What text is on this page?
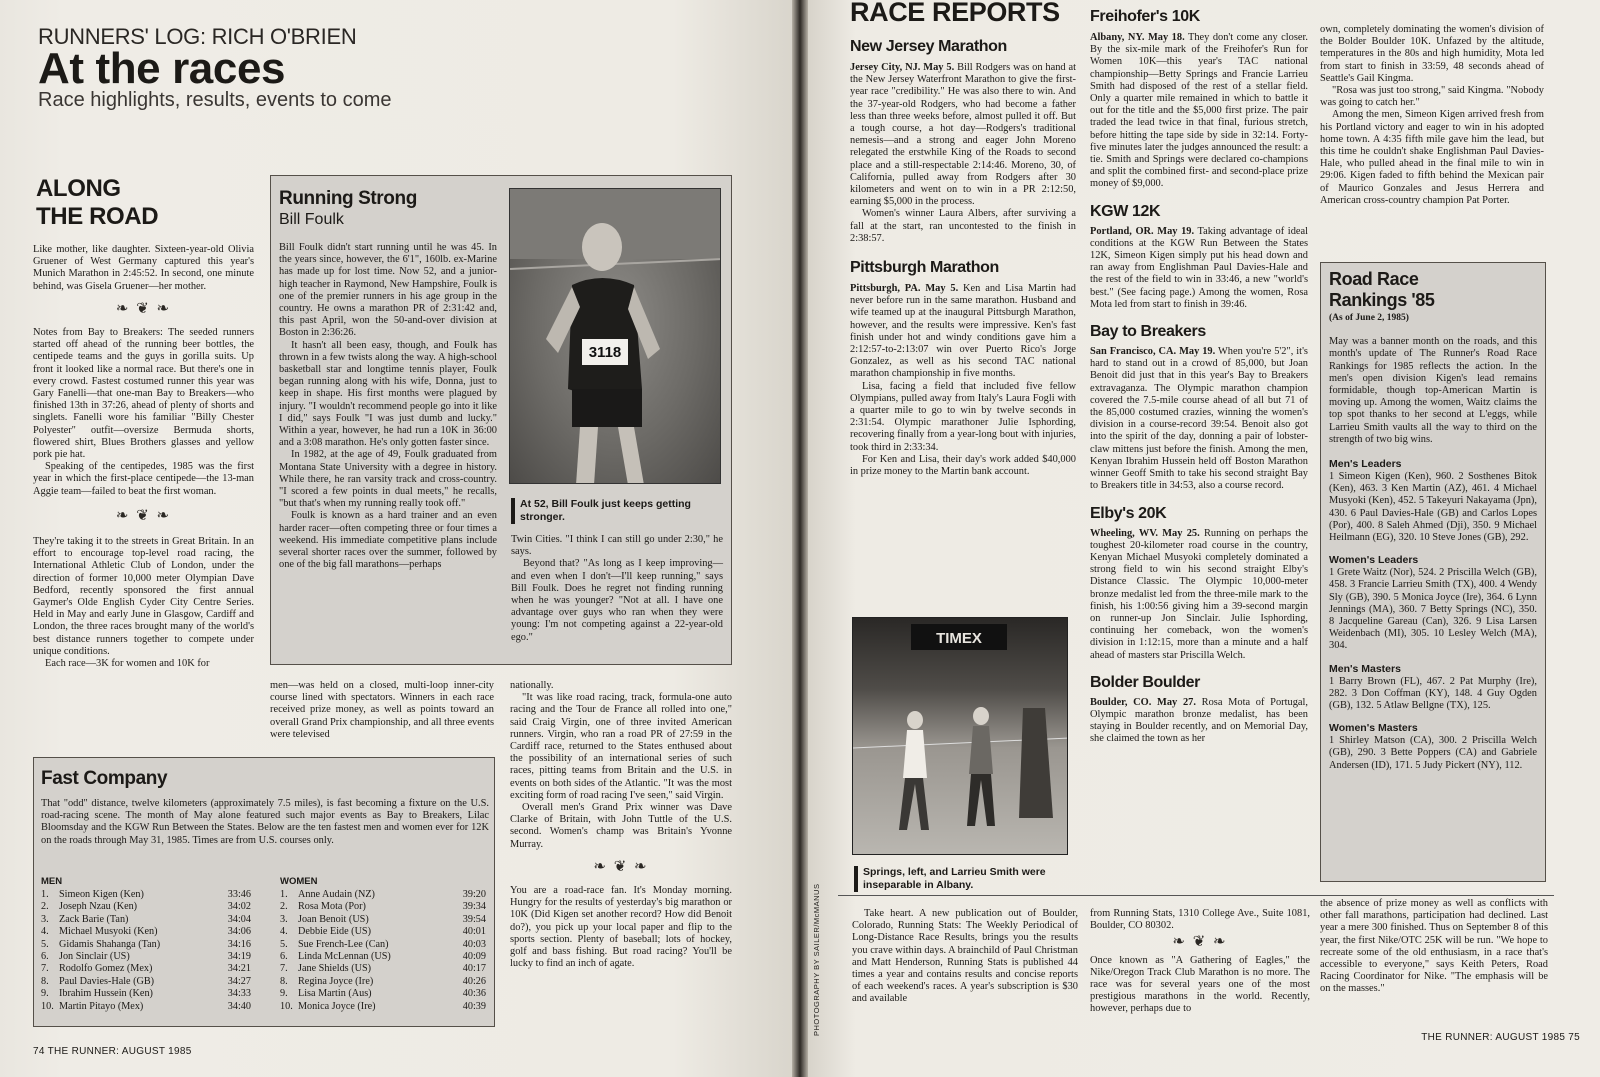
RUNNERS' LOG: RICH O'BRIEN
At the races
Race highlights, results, events to come
ALONG
THE ROAD

Like mother, like daughter. Sixteen-year-old Olivia Gruener of West Germany captured this year's Munich Marathon in 2:45:52. In second, one minute behind, was Gisela Gruener—her mother.

❧ ❦ ❧

Notes from Bay to Breakers: The seeded runners started off ahead of the running beer bottles, the centipede teams and the guys in gorilla suits. Up front it looked like a normal race. But there's one in every crowd. Fastest costumed runner this year was Gary Fanelli—that one-man Bay to Breakers—who finished 13th in 37:26, ahead of plenty of shorts and singlets. Fanelli wore his familiar "Billy Chester Polyester" outfit—oversize Bermuda shorts, flowered shirt, Blues Brothers glasses and yellow pork pie hat.

Speaking of the centipedes, 1985 was the first year in which the first-place centipede—the 13-man Aggie team—failed to beat the first woman.

❧ ❦ ❧

They're taking it to the streets in Great Britain. In an effort to encourage top-level road racing, the International Athletic Club of London, under the direction of former 10,000 meter Olympian Dave Bedford, recently sponsored the first annual Gaymer's Olde English Cyder City Centre Series. Held in May and early June in Glasgow, Cardiff and London, the three races brought many of the world's best distance runners together to compete under unique conditions.

Each race—3K for women and 10K for

Running Strong
Bill Foulk

Bill Foulk didn't start running until he was 45. In the years since, however, the 6'1", 160lb. ex-Marine has made up for lost time. Now 52, and a junior-high teacher in Raymond, New Hampshire, Foulk is one of the premier runners in his age group in the country. He owns a marathon PR of 2:31:42 and, this past April, won the 50-and-over division at Boston in 2:36:26.

It hasn't all been easy, though, and Foulk has thrown in a few twists along the way. A high-school basketball star and longtime tennis player, Foulk began running along with his wife, Donna, just to keep in shape. His first months were plagued by injury. "I wouldn't recommend people go into it like I did," says Foulk "I was just dumb and lucky." Within a year, however, he had run a 10K in 36:00 and a 3:08 marathon. He's only gotten faster since.

In 1982, at the age of 49, Foulk graduated from Montana State University with a degree in history. While there, he ran varsity track and cross-country. "I scored a few points in dual meets," he recalls, "but that's when my running really took off."

Foulk is known as a hard trainer and an even harder racer—often competing three or four times a weekend. His immediate competitive plans include several shorter races over the summer, followed by one of the big fall marathons—perhaps

3118
At 52, Bill Foulk just keeps getting stronger.

Twin Cities. "I think I can still go under 2:30," he says.

Beyond that? "As long as I keep improving—and even when I don't—I'll keep running," says Bill Foulk. Does he regret not finding running when he was younger? "Not at all. I have one advantage over guys who ran when they were young: I'm not competing against a 22-year-old ego."

men—was held on a closed, multi-loop inner-city course lined with spectators. Winners in each race received prize money, as well as points toward an overall Grand Prix championship, and all three events were televised

nationally.

"It was like road racing, track, formula-one auto racing and the Tour de France all rolled into one," said Craig Virgin, one of three invited American runners. Virgin, who ran a road PR of 27:59 in the Cardiff race, returned to the States enthused about the possibility of an international series of such races, pitting teams from Britain and the U.S. in events on both sides of the Atlantic. "It was the most exciting form of road racing I've seen," said Virgin.

Overall men's Grand Prix winner was Dave Clarke of Britain, with John Tuttle of the U.S. second. Women's champ was Britain's Yvonne Murray.

❧ ❦ ❧

You are a road-race fan. It's Monday morning. Hungry for the results of yesterday's big marathon or 10K (Did Kigen set another record? How did Benoit do?), you pick up your local paper and flip to the sports section. Plenty of baseball; lots of hockey, golf and bass fishing. But road racing? You'll be lucky to find an inch of agate.

Fast Company

That "odd" distance, twelve kilometers (approximately 7.5 miles), is fast becoming a fixture on the U.S. road-racing scene. The month of May alone featured such major events as Bay to Breakers, Lilac Bloomsday and the KGW Run Between the States. Below are the ten fastest men and women ever for 12K on the roads through May 31, 1985. Times are from U.S. courses only.

MEN	WOMEN
1.	Simeon Kigen (Ken)	33:46
2.	Joseph Nzau (Ken)	34:02
3.	Zack Barie (Tan)	34:04
4.	Michael Musyoki (Ken)	34:06
5.	Gidamis Shahanga (Tan)	34:16
6.	Jon Sinclair (US)	34:19
7.	Rodolfo Gomez (Mex)	34:21
8.	Paul Davies-Hale (GB)	34:27
9.	Ibrahim Hussein (Ken)	34:33
10.	Martin Pitayo (Mex)	34:40
1.	Anne Audain (NZ)	39:20
2.	Rosa Mota (Por)	39:34
3.	Joan Benoit (US)	39:54
4.	Debbie Eide (US)	40:01
5.	Sue French-Lee (Can)	40:03
6.	Linda McLennan (US)	40:09
7.	Jane Shields (US)	40:17
8.	Regina Joyce (Ire)	40:26
9.	Lisa Martin (Aus)	40:36
10.	Monica Joyce (Ire)	40:39
74 THE RUNNER: AUGUST 1985
RACE REPORTS
New Jersey Marathon

Jersey City, NJ. May 5. Bill Rodgers was on hand at the New Jersey Waterfront Marathon to give the first-year race "credibility." He was also there to win. And the 37-year-old Rodgers, who had become a father less than three weeks before, almost pulled it off. But a tough course, a hot day—Rodgers's traditional nemesis—and a strong and eager John Moreno relegated the erstwhile King of the Roads to second place and a still-respectable 2:14:46. Moreno, 30, of California, pulled away from Rodgers after 30 kilometers and went on to win in a PR 2:12:50, earning $5,000 in the process.

Women's winner Laura Albers, after surviving a fall at the start, ran uncontested to the finish in 2:38:57.

Pittsburgh Marathon

Pittsburgh, PA. May 5. Ken and Lisa Martin had never before run in the same marathon. Husband and wife teamed up at the inaugural Pittsburgh Marathon, however, and the results were impressive. Ken's fast finish under hot and windy conditions gave him a 2:12:57-to-2:13:07 win over Puerto Rico's Jorge Gonzalez, as well as his second TAC national marathon championship in five months.

Lisa, facing a field that included five fellow Olympians, pulled away from Italy's Laura Fogli with a quarter mile to go to win by twelve seconds in 2:31:54. Olympic marathoner Julie Isphording, recovering finally from a year-long bout with injuries, took third in 2:33:34.

For Ken and Lisa, their day's work added $40,000 in prize money to the Martin bank account.

TIMEX
Springs, left, and Larrieu Smith were inseparable in Albany.
Freihofer's 10K

Albany, NY. May 18. They don't come any closer. By the six-mile mark of the Freihofer's Run for Women 10K—this year's TAC national championship—Betty Springs and Francie Larrieu Smith had disposed of the rest of a stellar field. Only a quarter mile remained in which to battle it out for the title and the $5,000 first prize. The pair traded the lead twice in that final, furious stretch, before hitting the tape side by side in 32:14. Forty-five minutes later the judges announced the result: a tie. Smith and Springs were declared co-champions and split the combined first- and second-place prize money of $9,000.

KGW 12K

Portland, OR. May 19. Taking advantage of ideal conditions at the KGW Run Between the States 12K, Simeon Kigen simply put his head down and ran away from Englishman Paul Davies-Hale and the rest of the field to win in 33:46, a new "world's best." (See facing page.) Among the women, Rosa Mota led from start to finish in 39:46.

Bay to Breakers

San Francisco, CA. May 19. When you're 5'2", it's hard to stand out in a crowd of 85,000, but Joan Benoit did just that in this year's Bay to Breakers extravaganza. The Olympic marathon champion covered the 7.5-mile course ahead of all but 71 of the 85,000 costumed crazies, winning the women's division in a course-record 39:54. Benoit also got into the spirit of the day, donning a pair of lobster-claw mittens just before the finish. Among the men, Kenyan Ibrahim Hussein held off Boston Marathon winner Geoff Smith to take his second straight Bay to Breakers title in 34:53, also a course record.

Elby's 20K

Wheeling, WV. May 25. Running on perhaps the toughest 20-kilometer road course in the country, Kenyan Michael Musyoki completely dominated a strong field to win his second straight Elby's Distance Classic. The Olympic 10,000-meter bronze medalist led from the three-mile mark to the finish, his 1:00:56 giving him a 39-second margin on runner-up Jon Sinclair. Julie Isphording, continuing her comeback, won the women's division in 1:12:15, more than a minute and a half ahead of masters star Priscilla Welch.

Bolder Boulder

Boulder, CO. May 27. Rosa Mota of Portugal, Olympic marathon bronze medalist, has been staying in Boulder recently, and on Memorial Day, she claimed the town as her

own, completely dominating the women's division of the Bolder Boulder 10K. Unfazed by the altitude, temperatures in the 80s and high humidity, Mota led from start to finish in 33:59, 48 seconds ahead of Seattle's Gail Kingma.

"Rosa was just too strong," said Kingma. "Nobody was going to catch her."

Among the men, Simeon Kigen arrived fresh from his Portland victory and eager to win in his adopted home town. A 4:35 fifth mile gave him the lead, but this time he couldn't shake Englishman Paul Davies-Hale, who pulled ahead in the final mile to win in 29:06. Kigen faded to fifth behind the Mexican pair of Maurico Gonzales and Jesus Herrera and American cross-country champion Pat Porter.

Road Race
Rankings '85
(As of June 2, 1985)

May was a banner month on the roads, and this month's update of The Runner's Road Race Rankings for 1985 reflects the action. In the men's open division Kigen's lead remains formidable, though top-American Martin is moving up. Among the women, Waitz claims the top spot thanks to her second at L'eggs, while Larrieu Smith vaults all the way to third on the strength of two big wins.

Men's Leaders

1 Simeon Kigen (Ken), 960. 2 Sosthenes Bitok (Ken), 463. 3 Ken Martin (AZ), 461. 4 Michael Musyoki (Ken), 452. 5 Takeyuri Nakayama (Jpn), 430. 6 Paul Davies-Hale (GB) and Carlos Lopes (Por), 400. 8 Saleh Ahmed (Dji), 350. 9 Michael Heilmann (EG), 320. 10 Steve Jones (GB), 292.

Women's Leaders

1 Grete Waitz (Nor), 524. 2 Priscilla Welch (GB), 458. 3 Francie Larrieu Smith (TX), 400. 4 Wendy Sly (GB), 390. 5 Monica Joyce (Ire), 364. 6 Lynn Jennings (MA), 360. 7 Betty Springs (NC), 350. 8 Jacqueline Gareau (Can), 326. 9 Lisa Larsen Weidenbach (MI), 305. 10 Lesley Welch (MA), 304.

Men's Masters

1 Barry Brown (FL), 467. 2 Pat Murphy (Ire), 282. 3 Don Coffman (KY), 148. 4 Guy Ogden (GB), 132. 5 Atlaw Bellgne (TX), 125.

Women's Masters

1 Shirley Matson (CA), 300. 2 Priscilla Welch (GB), 290. 3 Bette Poppers (CA) and Gabriele Andersen (ID), 171. 5 Judy Pickert (NY), 112.

PHOTOGRAPHY BY SAILER/McMANUS	Take heart. A new publication out of Boulder, Colorado, Running Stats: The Weekly Periodical of Long-Distance Race Results, brings you the results you crave within days. A brainchild of Paul Christman and Matt Henderson, Running Stats is published 44 times a year and contains results and concise reports of each weekend's races. A year's subscription is $30 and available

from Running Stats, 1310 College Ave., Suite 1081, Boulder, CO 80302.

❧ ❦ ❧

Once known as "A Gathering of Eagles," the Nike/Oregon Track Club Marathon is no more. The race was for several years one of the most prestigious marathons in the world. Recently, however, perhaps due to

the absence of prize money as well as conflicts with other fall marathons, participation had declined. Last year a mere 300 finished. Thus on September 8 of this year, the first Nike/OTC 25K will be run. "We hope to recreate some of the old enthusiasm, in a race that's accessible to everyone," says Keith Peters, Road Racing Coordinator for Nike. "The emphasis will be on the masses."

THE RUNNER: AUGUST 1985 75
